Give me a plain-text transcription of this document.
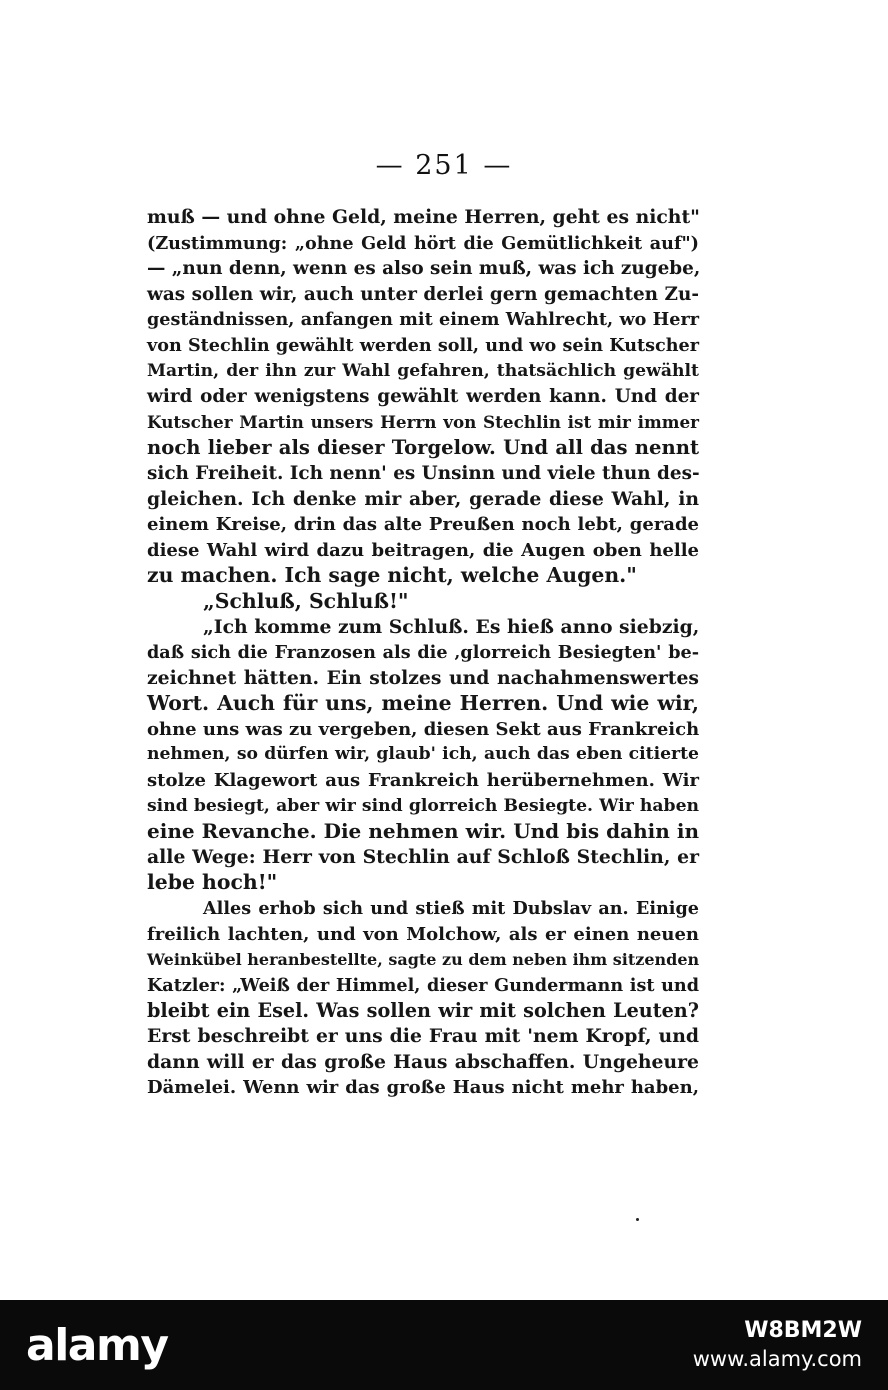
— 251 —
muß — und ohne Geld, meine Herren, geht es nicht"
(Zustimmung: „ohne Geld hört die Gemütlichkeit auf")
— „nun denn, wenn es also sein muß, was ich zugebe,
was sollen wir, auch unter derlei gern gemachten Zu-
geständnissen, anfangen mit einem Wahlrecht, wo Herr
von Stechlin gewählt werden soll, und wo sein Kutscher
Martin, der ihn zur Wahl gefahren, thatsächlich gewählt
wird oder wenigstens gewählt werden kann. Und der
Kutscher Martin unsers Herrn von Stechlin ist mir immer
noch lieber als dieser Torgelow. Und all das nennt
sich Freiheit. Ich nenn' es Unsinn und viele thun des-
gleichen. Ich denke mir aber, gerade diese Wahl, in
einem Kreise, drin das alte Preußen noch lebt, gerade
diese Wahl wird dazu beitragen, die Augen oben helle
zu machen. Ich sage nicht, welche Augen."
„Schluß, Schluß!"
„Ich komme zum Schluß. Es hieß anno siebzig,
daß sich die Franzosen als die ‚glorreich Besiegten' be-
zeichnet hätten. Ein stolzes und nachahmenswertes
Wort. Auch für uns, meine Herren. Und wie wir,
ohne uns was zu vergeben, diesen Sekt aus Frankreich
nehmen, so dürfen wir, glaub' ich, auch das eben citierte
stolze Klagewort aus Frankreich herübernehmen. Wir
sind besiegt, aber wir sind glorreich Besiegte. Wir haben
eine Revanche. Die nehmen wir. Und bis dahin in
alle Wege: Herr von Stechlin auf Schloß Stechlin, er
lebe hoch!"
Alles erhob sich und stieß mit Dubslav an. Einige
freilich lachten, und von Molchow, als er einen neuen
Weinkübel heranbestellte, sagte zu dem neben ihm sitzenden
Katzler: „Weiß der Himmel, dieser Gundermann ist und
bleibt ein Esel. Was sollen wir mit solchen Leuten?
Erst beschreibt er uns die Frau mit 'nem Kropf, und
dann will er das große Haus abschaffen. Ungeheure
Dämelei. Wenn wir das große Haus nicht mehr haben,
alamy	W8BM2W
www.alamy.com
